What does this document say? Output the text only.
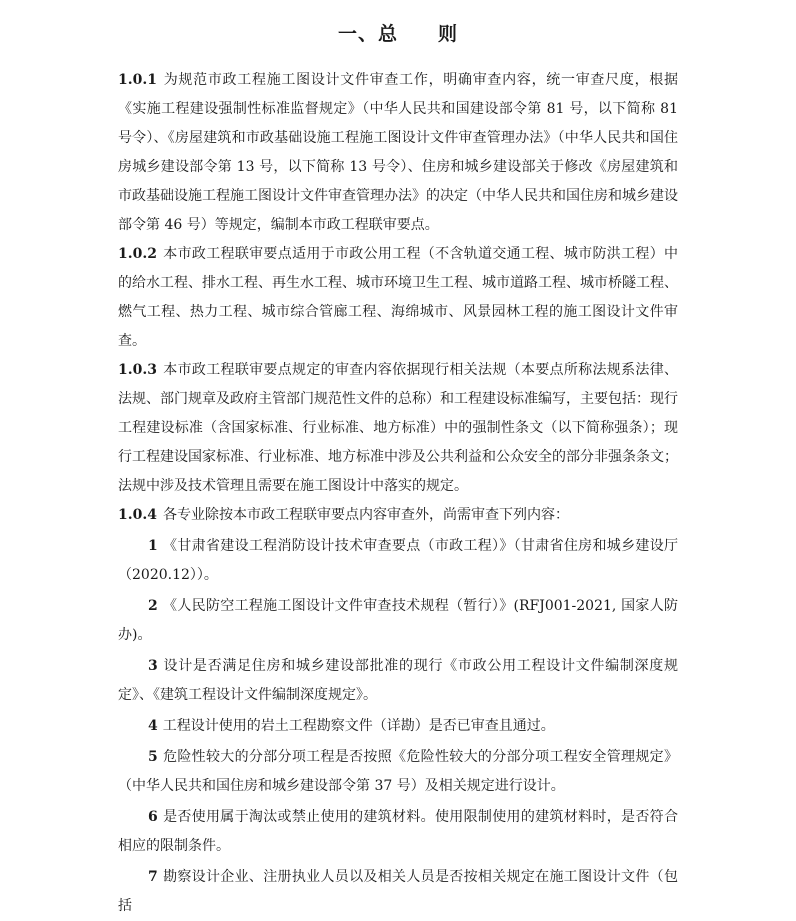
一、总 则

1.0.1 为规范市政工程施工图设计文件审查工作，明确审查内容，统一审查尺度，根据《实施工程建设强制性标准监督规定》（中华人民共和国建设部令第 81 号，以下简称 81 号令）、《房屋建筑和市政基础设施工程施工图设计文件审查管理办法》（中华人民共和国住房城乡建设部令第 13 号，以下简称 13 号令）、住房和城乡建设部关于修改《房屋建筑和市政基础设施工程施工图设计文件审查管理办法》的决定（中华人民共和国住房和城乡建设部令第 46 号）等规定，编制本市政工程联审要点。

1.0.2 本市政工程联审要点适用于市政公用工程（不含轨道交通工程、城市防洪工程）中的给水工程、排水工程、再生水工程、城市环境卫生工程、城市道路工程、城市桥隧工程、燃气工程、热力工程、城市综合管廊工程、海绵城市、风景园林工程的施工图设计文件审查。

1.0.3 本市政工程联审要点规定的审查内容依据现行相关法规（本要点所称法规系法律、法规、部门规章及政府主管部门规范性文件的总称）和工程建设标准编写，主要包括：现行工程建设标准（含国家标准、行业标准、地方标准）中的强制性条文（以下简称强条）；现行工程建设国家标准、行业标准、地方标准中涉及公共利益和公众安全的部分非强条条文；法规中涉及技术管理且需要在施工图设计中落实的规定。

1.0.4 各专业除按本市政工程联审要点内容审查外，尚需审查下列内容：

1 《甘肃省建设工程消防设计技术审查要点（市政工程）》（甘肃省住房和城乡建设厅（2020.12））。

2 《人民防空工程施工图设计文件审查技术规程（暂行）》(RFJ001-2021, 国家人防办)。

3 设计是否满足住房和城乡建设部批准的现行《市政公用工程设计文件编制深度规定》、《建筑工程设计文件编制深度规定》。

4 工程设计使用的岩土工程勘察文件（详勘）是否已审查且通过。

5 危险性较大的分部分项工程是否按照《危险性较大的分部分项工程安全管理规定》（中华人民共和国住房和城乡建设部令第 37 号）及相关规定进行设计。

6 是否使用属于淘汰或禁止使用的建筑材料。使用限制使用的建筑材料时，是否符合相应的限制条件。

7 勘察设计企业、注册执业人员以及相关人员是否按相关规定在施工图设计文件（包括
